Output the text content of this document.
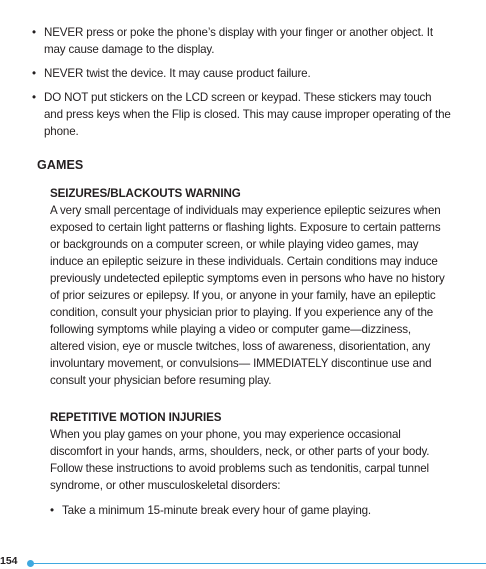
• NEVER press or poke the phone’s display with your finger or another object. It may cause damage to the display.
• NEVER twist the device. It may cause product failure.
• DO NOT put stickers on the LCD screen or keypad. These stickers may touch and press keys when the Flip is closed. This may cause improper operating of the phone.
GAMES
SEIZURES/BLACKOUTS WARNING
A very small percentage of individuals may experience epileptic seizures when exposed to certain light patterns or flashing lights. Exposure to certain patterns or backgrounds on a computer screen, or while playing video games, may induce an epileptic seizure in these individuals. Certain conditions may induce previously undetected epileptic symptoms even in persons who have no history of prior seizures or epilepsy. If you, or anyone in your family, have an epileptic condition, consult your physician prior to playing. If you experience any of the following symptoms while playing a video or computer game—dizziness, altered vision, eye or muscle twitches, loss of awareness, disorientation, any involuntary movement, or convulsions— IMMEDIATELY discontinue use and consult your physician before resuming play.
REPETITIVE MOTION INJURIES
When you play games on your phone, you may experience occasional discomfort in your hands, arms, shoulders, neck, or other parts of your body. Follow these instructions to avoid problems such as tendonitis, carpal tunnel syndrome, or other musculoskeletal disorders:
• Take a minimum 15-minute break every hour of game playing.
154
